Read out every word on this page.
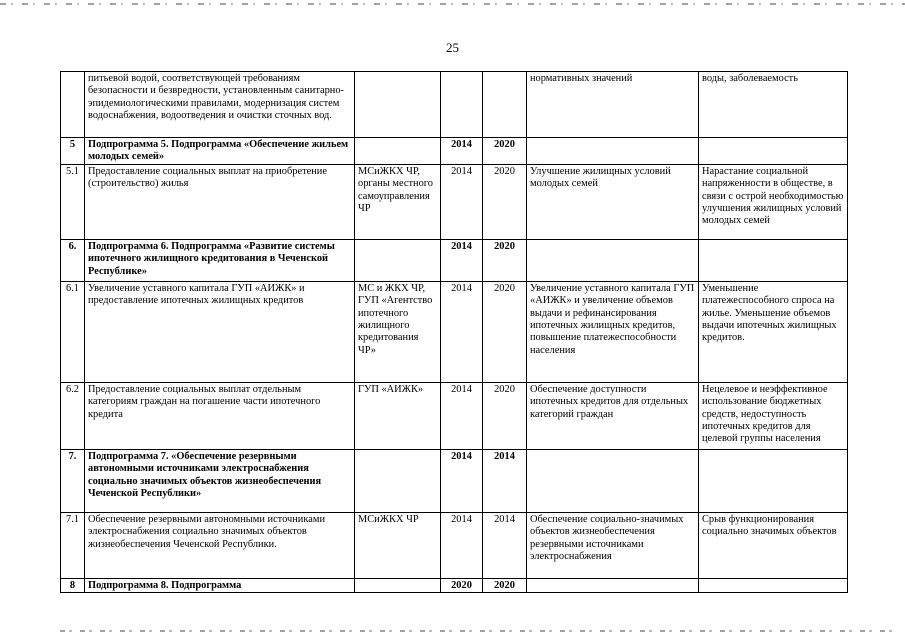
25
	питьевой водой, соответствующей требованиям безопасности и безвредности, установленным санитарно-эпидемиологическими правилами, модернизация систем водоснабжения, водоотведения и очистки сточных вод.				нормативных значений	воды, заболеваемость
5	Подпрограмма 5. Подпрограмма «Обеспечение жильем молодых семей»		2014	2020		
5.1	Предоставление социальных выплат на приобретение (строительство) жилья	МСиЖКХ ЧР, органы местного самоуправления ЧР	2014	2020	Улучшение жилищных условий молодых семей	Нарастание социальной напряженности в обществе, в связи с острой необходимостью улучшения жилищных условий молодых семей
6.	Подпрограмма 6. Подпрограмма «Развитие системы ипотечного жилищного кредитования в Чеченской Республике»		2014	2020		
6.1	Увеличение уставного капитала ГУП «АИЖК» и предоставление ипотечных жилищных кредитов	МС и ЖКХ ЧР, ГУП «Агентство ипотечного жилищного кредитования ЧР»	2014	2020	Увеличение уставного капитала ГУП «АИЖК» и увеличение объемов выдачи и рефинансирования ипотечных жилищных кредитов, повышение платежеспособности населения	Уменьшение платежеспособного спроса на жилье. Уменьшение объемов выдачи ипотечных жилищных кредитов.
6.2	Предоставление социальных выплат отдельным категориям граждан на погашение части ипотечного кредита	ГУП «АИЖК»	2014	2020	Обеспечение доступности ипотечных кредитов для отдельных категорий граждан	Нецелевое и неэффективное использование бюджетных средств, недоступность ипотечных кредитов для целевой группы населения
7.	Подпрограмма 7. «Обеспечение резервными автономными источниками электроснабжения социально значимых объектов жизнеобеспечения Чеченской Республики»		2014	2014		
7.1	Обеспечение резервными автономными источниками электроснабжения социально значимых объектов жизнеобеспечения Чеченской Республики.	МСиЖКХ ЧР	2014	2014	Обеспечение социально-значимых объектов жизнеобеспечения резервными источниками электроснабжения	Срыв функционирования социально значимых объектов
8	Подпрограмма 8. Подпрограмма		2020	2020		
